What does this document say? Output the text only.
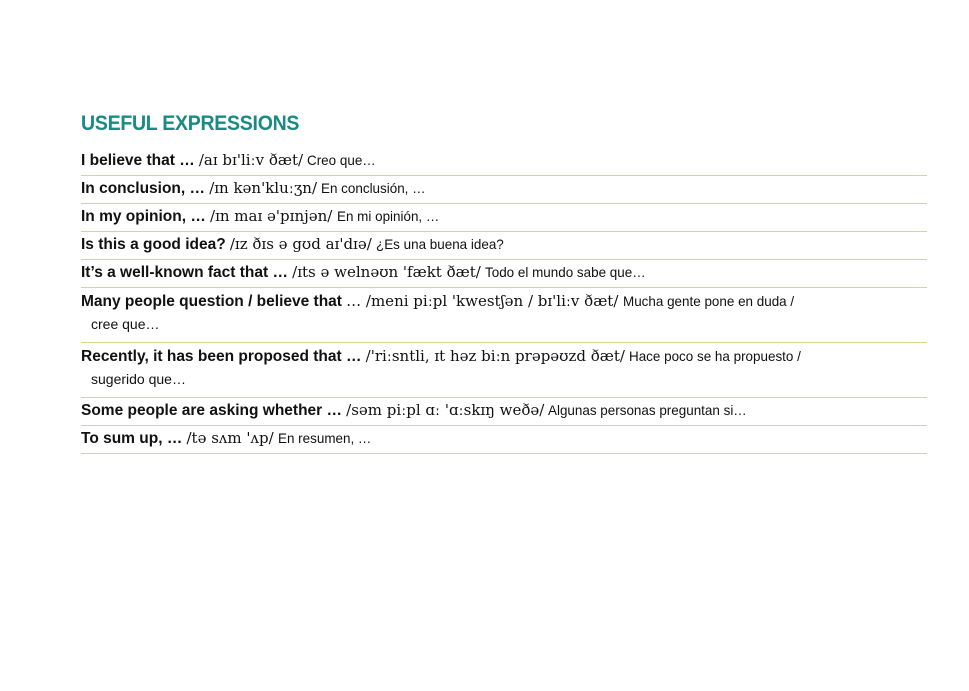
USEFUL EXPRESSIONS
I believe that … /aɪ bɪ'liːv ðæt/ Creo que…
In conclusion, … /ɪn kən'kluːʒn/ En conclusión, …
In my opinion, … /ɪn maɪ ə'pɪnjən/ En mi opinión, …
Is this a good idea? /ɪz ðɪs ə gʊd aɪ'dɪə/ ¿Es una buena idea?
It’s a well-known fact that … /ɪts ə welnəʊn 'fækt ðæt/ Todo el mundo sabe que…
Many people question / believe that … /meni piːpl 'kwestʃən / bɪ'liːv ðæt/ Mucha gente pone en duda /
cree que…
Recently, it has been proposed that … /'riːsntli, ɪt həz biːn prəpəʊzd ðæt/ Hace poco se ha propuesto /
sugerido que…
Some people are asking whether … /səm piːpl ɑː 'ɑːskɪŋ weðə/ Algunas personas preguntan si…
To sum up, … /tə sʌm 'ʌp/ En resumen, …
